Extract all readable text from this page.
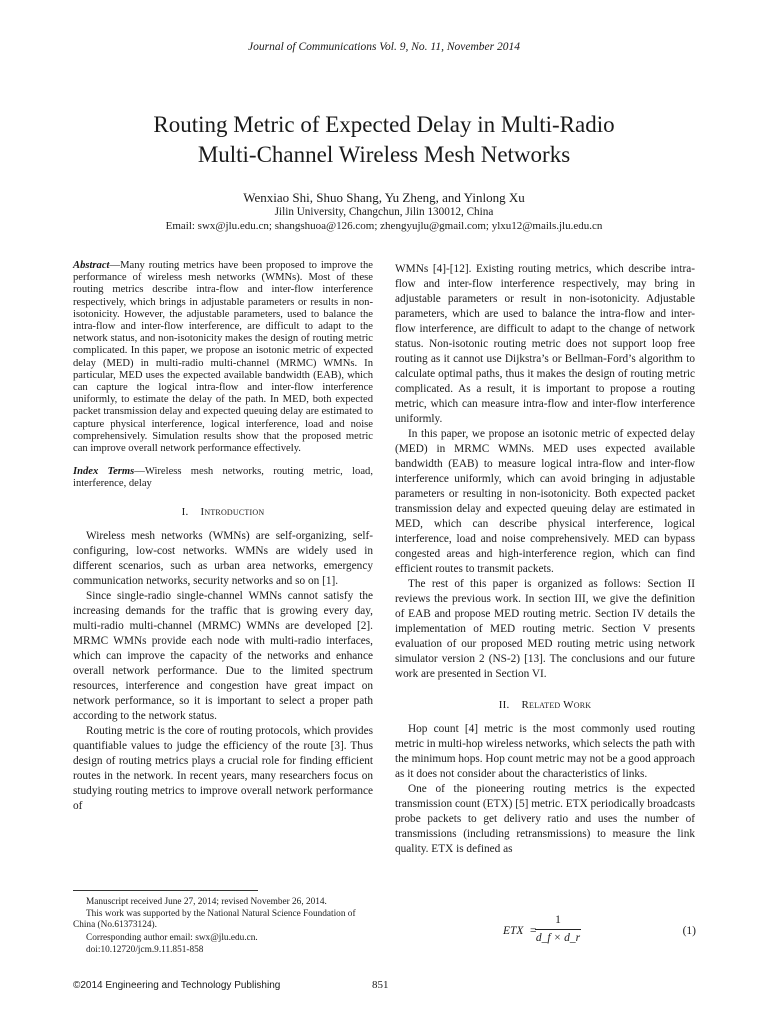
Journal of Communications Vol. 9, No. 11, November 2014
Routing Metric of Expected Delay in Multi-Radio
Multi-Channel Wireless Mesh Networks
Wenxiao Shi, Shuo Shang, Yu Zheng, and Yinlong Xu
Jilin University, Changchun, Jilin 130012, China
Email: swx@jlu.edu.cn; shangshuoa@126.com; zhengyujlu@gmail.com; ylxu12@mails.jlu.edu.cn

Abstract—Many routing metrics have been proposed to improve the performance of wireless mesh networks (WMNs). Most of these routing metrics describe intra-flow and inter-flow interference respectively, which brings in adjustable parameters or results in non-isotonicity. However, the adjustable parameters, used to balance the intra-flow and inter-flow interference, are difficult to adapt to the network status, and non-isotonicity makes the design of routing metric complicated. In this paper, we propose an isotonic metric of expected delay (MED) in multi-radio multi-channel (MRMC) WMNs. In particular, MED uses the expected available bandwidth (EAB), which can capture the logical intra-flow and inter-flow interference uniformly, to estimate the delay of the path. In MED, both expected packet transmission delay and expected queuing delay are estimated to capture physical interference, logical interference, load and noise comprehensively. Simulation results show that the proposed metric can improve overall network performance effectively.

Index Terms—Wireless mesh networks, routing metric, load, interference, delay

I. Introduction

Wireless mesh networks (WMNs) are self-organizing, self-configuring, low-cost networks. WMNs are widely used in different scenarios, such as urban area networks, emergency communication networks, security networks and so on [1].

Since single-radio single-channel WMNs cannot satisfy the increasing demands for the traffic that is growing every day, multi-radio multi-channel (MRMC) WMNs are developed [2]. MRMC WMNs provide each node with multi-radio interfaces, which can improve the capacity of the networks and enhance overall network performance. Due to the limited spectrum resources, interference and congestion have great impact on network performance, so it is important to select a proper path according to the network status.

Routing metric is the core of routing protocols, which provides quantifiable values to judge the efficiency of the route [3]. Thus design of routing metrics plays a crucial role for finding efficient routes in the network. In recent years, many researchers focus on studying routing metrics to improve overall network performance of

WMNs [4]-[12]. Existing routing metrics, which describe intra-flow and inter-flow interference respectively, may bring in adjustable parameters or result in non-isotonicity. Adjustable parameters, which are used to balance the intra-flow and inter-flow interference, are difficult to adapt to the change of network status. Non-isotonic routing metric does not support loop free routing as it cannot use Dijkstra’s or Bellman-Ford’s algorithm to calculate optimal paths, thus it makes the design of routing metric complicated. As a result, it is important to propose a routing metric, which can measure intra-flow and inter-flow interference uniformly.

In this paper, we propose an isotonic metric of expected delay (MED) in MRMC WMNs. MED uses expected available bandwidth (EAB) to measure logical intra-flow and inter-flow interference uniformly, which can avoid bringing in adjustable parameters or resulting in non-isotonicity. Both expected packet transmission delay and expected queuing delay are estimated in MED, which can describe physical interference, logical interference, load and noise comprehensively. MED can bypass congested areas and high-interference region, which can find efficient routes to transmit packets.

The rest of this paper is organized as follows: Section II reviews the previous work. In section III, we give the definition of EAB and propose MED routing metric. Section IV details the implementation of MED routing metric. Section V presents evaluation of our proposed MED routing metric using network simulator version 2 (NS-2) [13]. The conclusions and our future work are presented in Section VI.

II. Related Work

Hop count [4] metric is the most commonly used routing metric in multi-hop wireless networks, which selects the path with the minimum hops. Hop count metric may not be a good approach as it does not consider about the characteristics of links.

One of the pioneering routing metrics is the expected transmission count (ETX) [5] metric. ETX periodically broadcasts probe packets to get delivery ratio and uses the number of transmissions (including retransmissions) to measure the link quality. ETX is defined as

ETX =
1
d_f × d_r
(1)
Manuscript received June 27, 2014; revised November 26, 2014.
This work was supported by the National Natural Science Foundation of China (No.61373124).
Corresponding author email: swx@jlu.edu.cn.
doi:10.12720/jcm.9.11.851-858
©2014 Engineering and Technology Publishing	851
